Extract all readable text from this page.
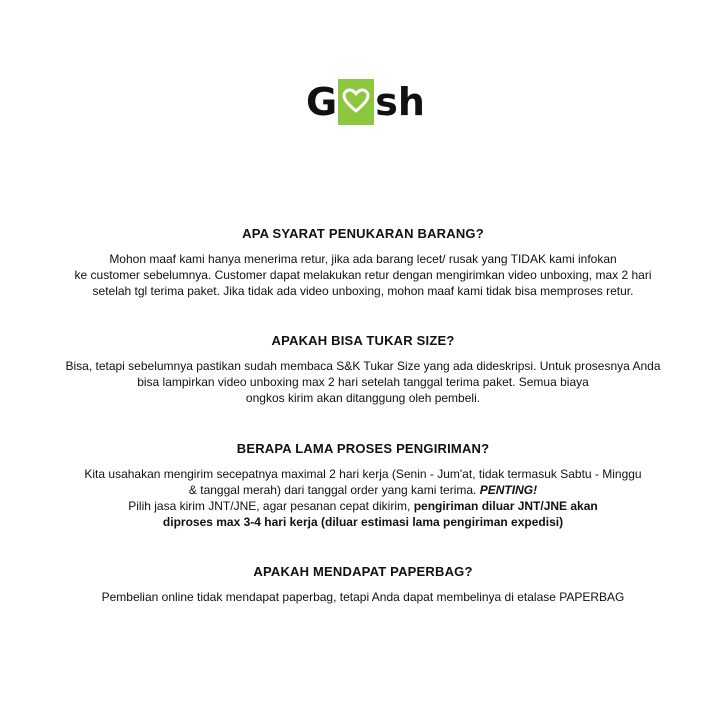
G sh
APA SYARAT PENUKARAN BARANG?
Mohon maaf kami hanya menerima retur, jika ada barang lecet/ rusak yang TIDAK kami infokan
ke customer sebelumnya. Customer dapat melakukan retur dengan mengirimkan video unboxing, max 2 hari
setelah tgl terima paket. Jika tidak ada video unboxing, mohon maaf kami tidak bisa memproses retur.
APAKAH BISA TUKAR SIZE?
Bisa, tetapi sebelumnya pastikan sudah membaca S&K Tukar Size yang ada dideskripsi. Untuk prosesnya Anda
bisa lampirkan video unboxing max 2 hari setelah tanggal terima paket. Semua biaya
ongkos kirim akan ditanggung oleh pembeli.
BERAPA LAMA PROSES PENGIRIMAN?
Kita usahakan mengirim secepatnya maximal 2 hari kerja (Senin - Jum'at, tidak termasuk Sabtu - Minggu
& tanggal merah) dari tanggal order yang kami terima. PENTING!
Pilih jasa kirim JNT/JNE, agar pesanan cepat dikirim, pengiriman diluar JNT/JNE akan
diproses max 3-4 hari kerja (diluar estimasi lama pengiriman expedisi)
APAKAH MENDAPAT PAPERBAG?
Pembelian online tidak mendapat paperbag, tetapi Anda dapat membelinya di etalase PAPERBAG
